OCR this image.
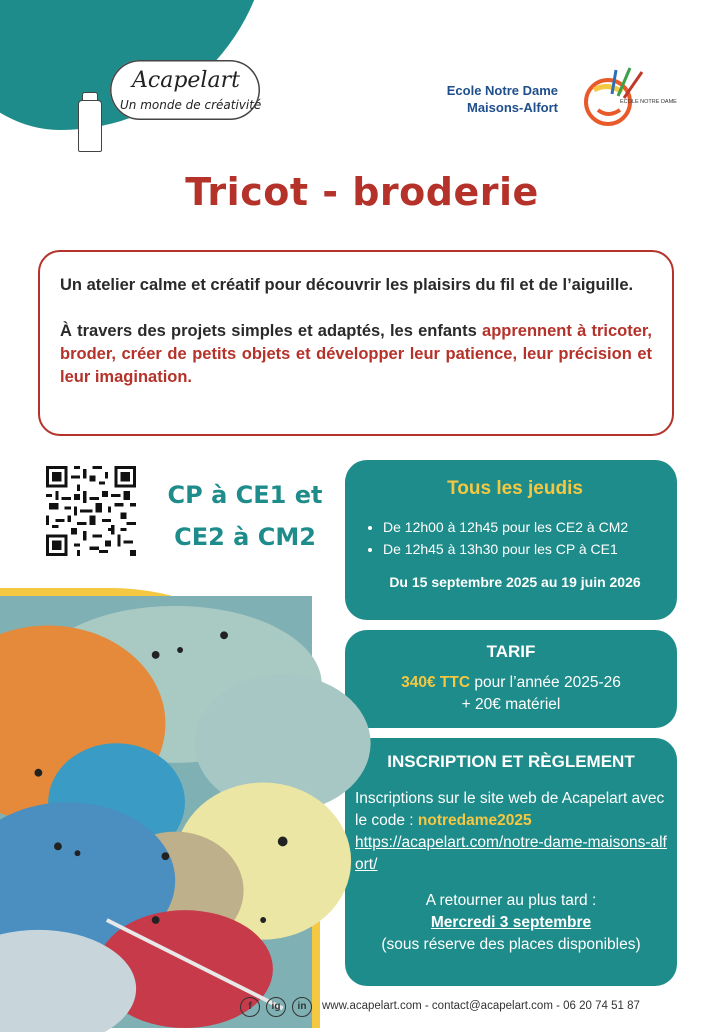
Acapelart
Un monde de créativité
Ecole Notre Dame
Maisons-Alfort	ECOLE NOTRE DAME
Tricot - broderie

Un atelier calme et créatif pour découvrir les plaisirs du fil et de l’aiguille.

À travers des projets simples et adaptés, les enfants apprennent à tricoter, broder, créer de petits objets et développer leur patience, leur précision et leur imagination.

CP à CE1 et
CE2 à CM2
Tous les jeudis
• De 12h00 à 12h45 pour les CE2 à CM2
• De 12h45 à 13h30 pour les CP à CE1
Du 15 septembre 2025 au 19 juin 2026
TARIF
340€ TTC pour l’année 2025-26
+ 20€ matériel
INSCRIPTION ET RÈGLEMENT
Inscriptions sur le site web de Acapelart avec le code : notredame2025
https://acapelart.com/notre-dame-maisons-alfort/
A retourner au plus tard :
Mercredi 3 septembre
(sous réserve des places disponibles)
f	ig	in	www.acapelart.com - contact@acapelart.com - 06 20 74 51 87
